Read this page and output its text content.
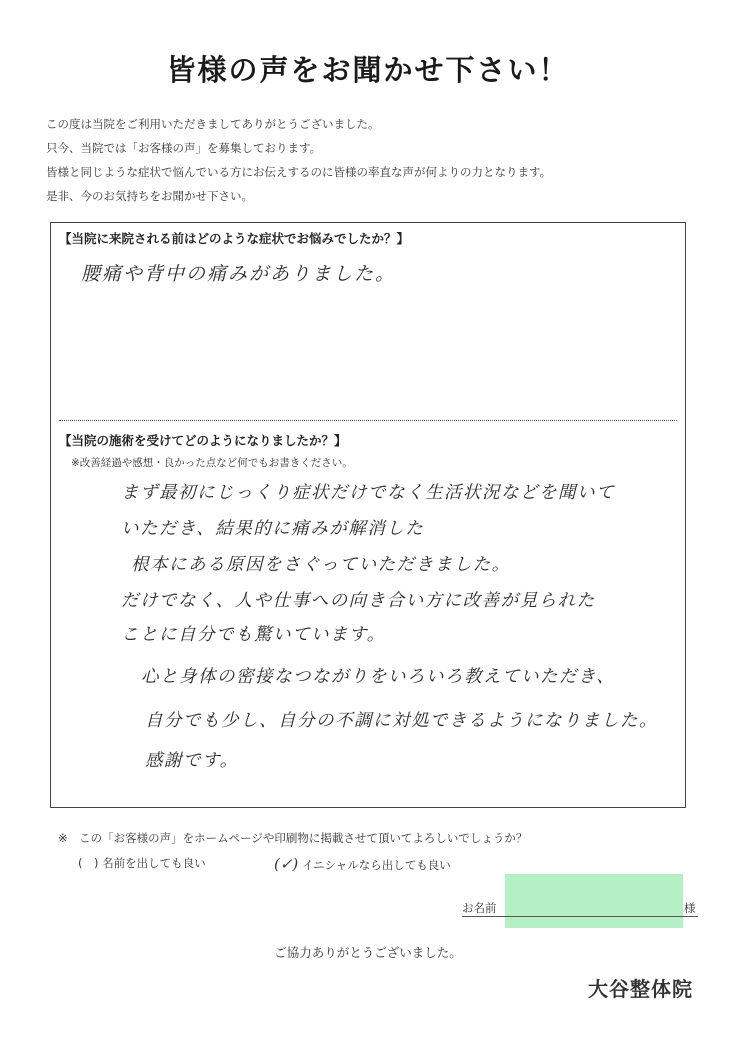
皆様の声をお聞かせ下さい！
この度は当院をご利用いただきましてありがとうございました。
只今、当院では「お客様の声」を募集しております。
皆様と同じような症状で悩んでいる方にお伝えするのに皆様の率直な声が何よりの力となります。
是非、今のお気持ちをお聞かせ下さい。
【当院に来院される前はどのような症状でお悩みでしたか？】
腰痛や背中の痛みがありました。
【当院の施術を受けてどのようになりましたか？】
※改善経過や感想・良かった点など何でもお書きください。
まず最初にじっくり症状だけでなく生活状況などを聞いて
いただき、結果的に痛みが解消した
根本にある原因をさぐっていただきました。
だけでなく、人や仕事への向き合い方に改善が見られた
ことに自分でも驚いています。
心と身体の密接なつながりをいろいろ教えていただき、
自分でも少し、自分の不調に対処できるようになりました。
感謝です。
※　この「お客様の声」をホームページや印刷物に掲載させて頂いてよろしいでしょうか？
(　) 名前を出しても良い	(✓) イニシャルなら出しても良い
お名前	様
ご協力ありがとうございました。
大谷整体院
